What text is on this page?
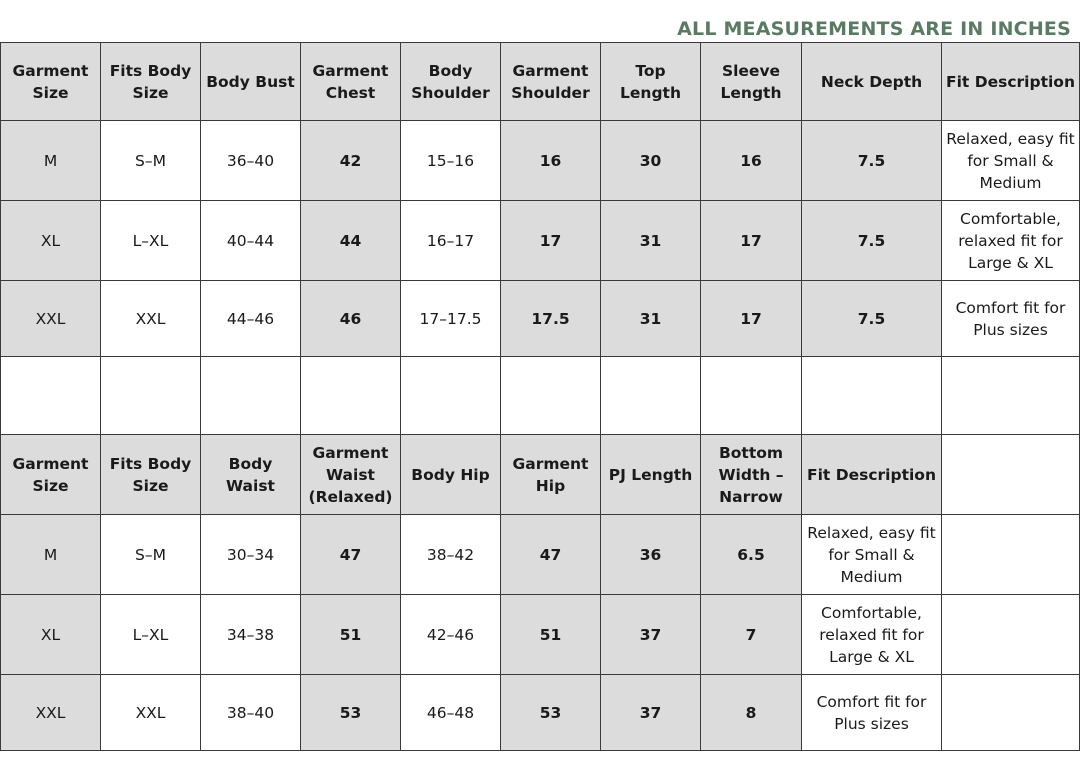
ALL MEASUREMENTS ARE IN INCHES
Garment Size	Fits Body Size	Body Bust	Garment Chest	Body Shoulder	Garment Shoulder	Top Length	Sleeve Length	Neck Depth	Fit Description
M	S–M	36–40	42	15–16	16	30	16	7.5	Relaxed, easy fit for Small & Medium
XL	L–XL	40–44	44	16–17	17	31	17	7.5	Comfortable, relaxed fit for Large & XL
XXL	XXL	44–46	46	17–17.5	17.5	31	17	7.5	Comfort fit for Plus sizes

Garment Size	Fits Body Size	Body Waist	Garment Waist (Relaxed)	Body Hip	Garment Hip	PJ Length	Bottom Width – Narrow	Fit Description	
M	S–M	30–34	47	38–42	47	36	6.5	Relaxed, easy fit for Small & Medium	
XL	L–XL	34–38	51	42–46	51	37	7	Comfortable, relaxed fit for Large & XL	
XXL	XXL	38–40	53	46–48	53	37	8	Comfort fit for Plus sizes	
